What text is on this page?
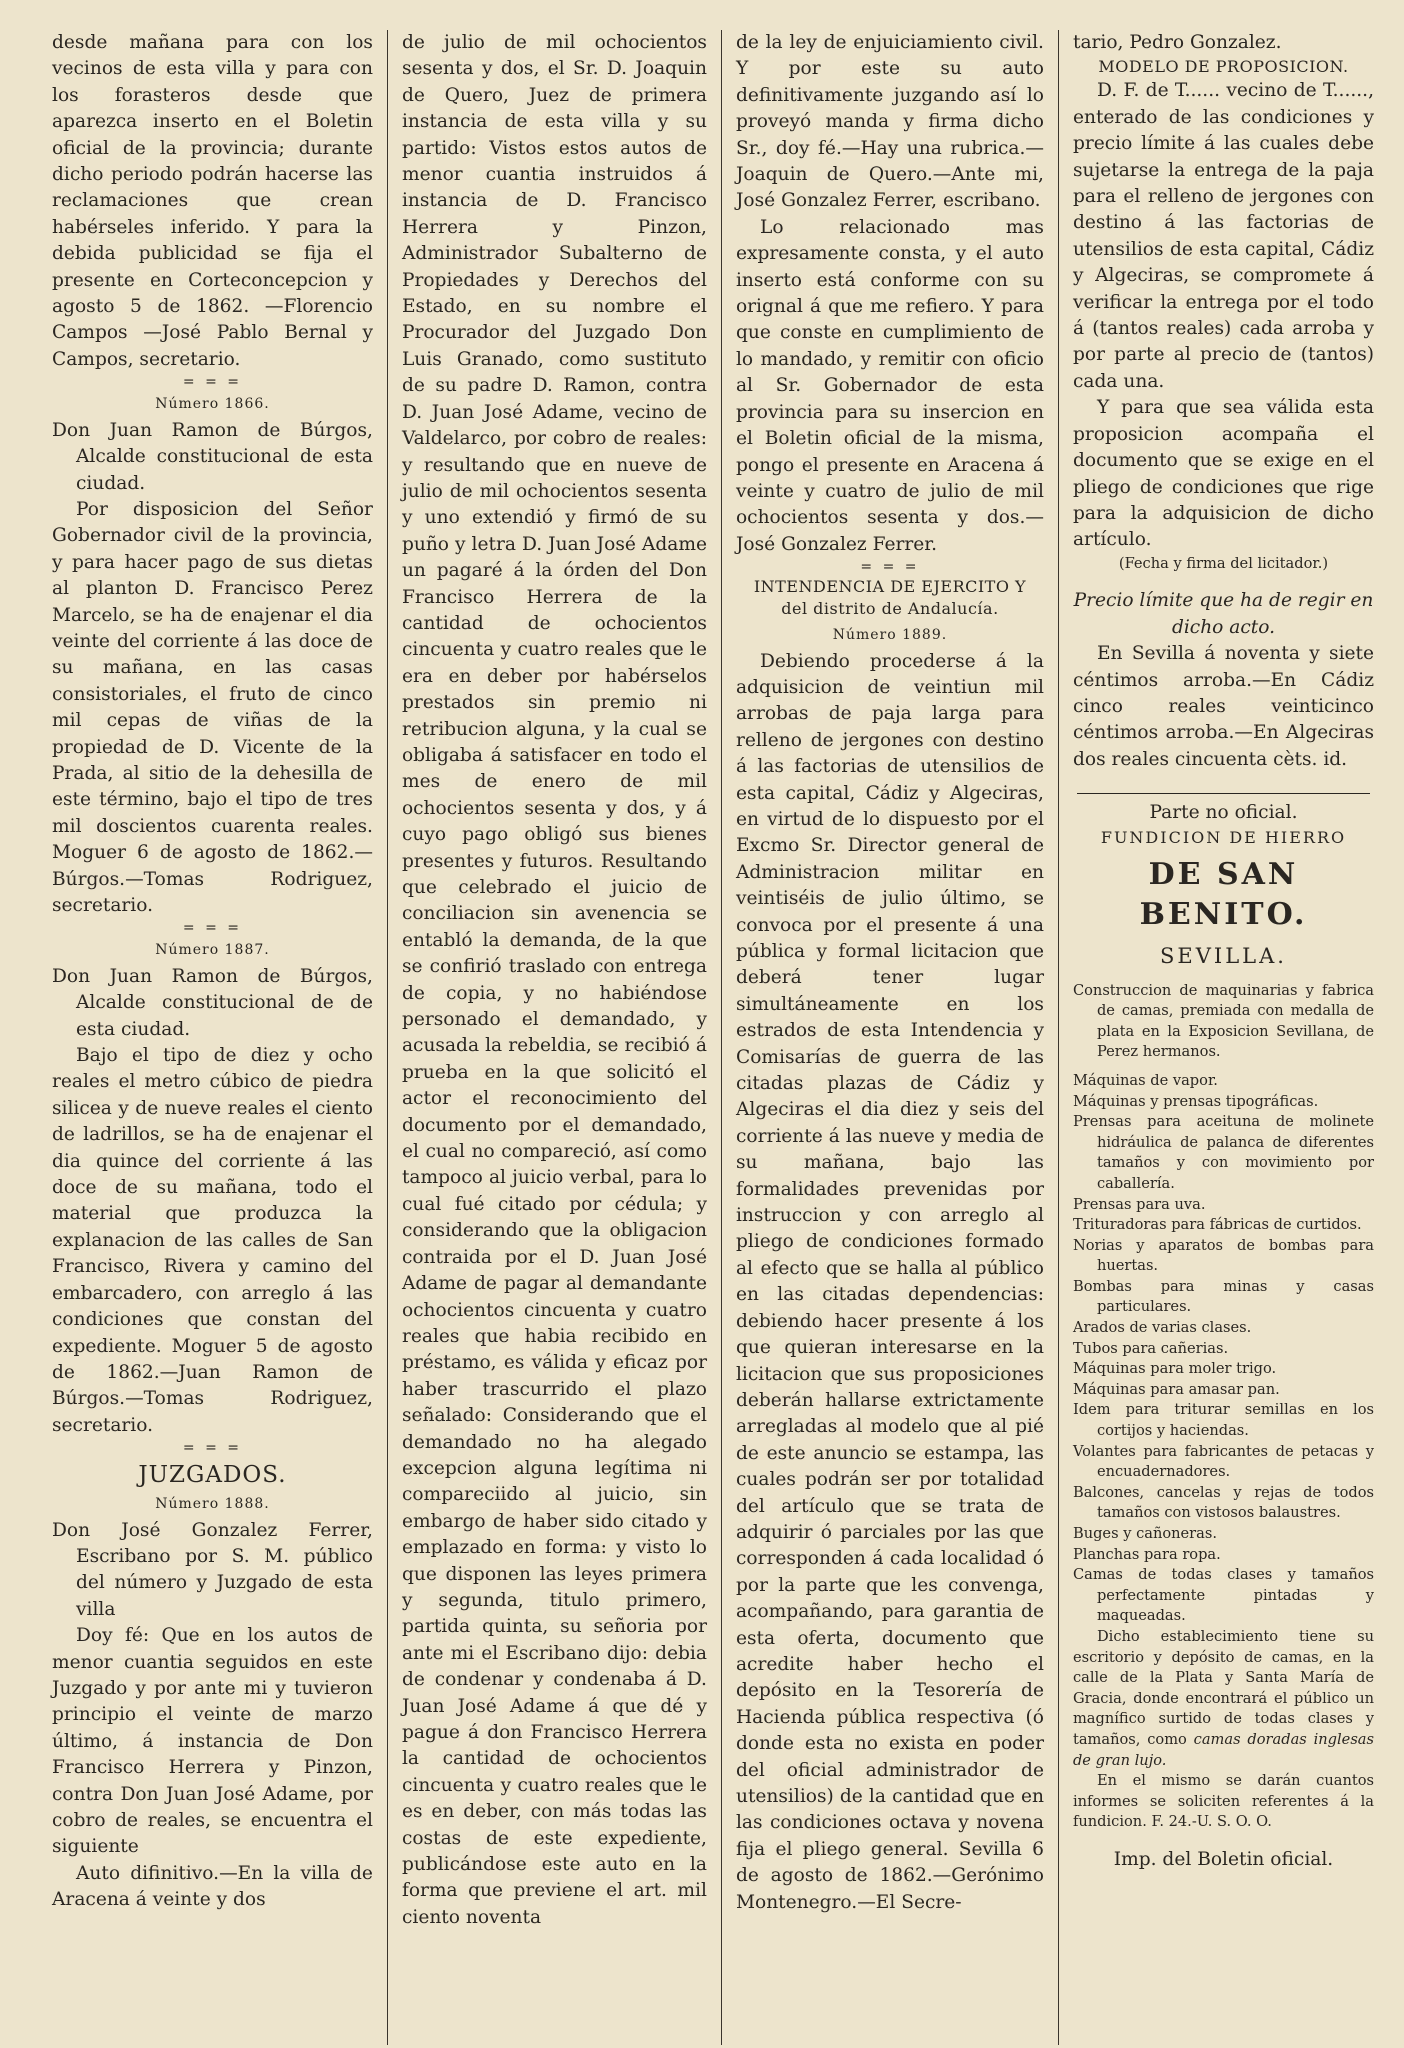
desde mañana para con los vecinos de esta villa y para con los forasteros desde que aparezca inserto en el Boletin oficial de la provincia; durante dicho periodo podrán hacerse las reclamaciones que crean habérseles inferido. Y para la debida publicidad se fija el presente en Corteconcepcion y agosto 5 de 1862. —Florencio Campos —José Pablo Bernal y Campos, secretario.

= = =
Número 1866.

Don Juan Ramon de Búrgos, Alcalde constitucional de esta ciudad.

Por disposicion del Señor Gobernador civil de la provincia, y para hacer pago de sus dietas al planton D. Francisco Perez Marcelo, se ha de enajenar el dia veinte del corriente á las doce de su mañana, en las casas consistoriales, el fruto de cinco mil cepas de viñas de la propiedad de D. Vicente de la Prada, al sitio de la dehesilla de este término, bajo el tipo de tres mil doscientos cuarenta reales. Moguer 6 de agosto de 1862.—Búrgos.—Tomas Rodriguez, secretario.

= = =
Número 1887.

Don Juan Ramon de Búrgos, Alcalde constitucional de de esta ciudad.

Bajo el tipo de diez y ocho reales el metro cúbico de piedra silicea y de nueve reales el ciento de ladrillos, se ha de enajenar el dia quince del corriente á las doce de su mañana, todo el material que produzca la explanacion de las calles de San Francisco, Rivera y camino del embarcadero, con arreglo á las condiciones que constan del expediente. Moguer 5 de agosto de 1862.—Juan Ramon de Búrgos.—Tomas Rodriguez, secretario.

= = =
JUZGADOS.
Número 1888.

Don José Gonzalez Ferrer, Escribano por S. M. público del número y Juzgado de esta villa

Doy fé: Que en los autos de menor cuantia seguidos en este Juzgado y por ante mi y tuvieron principio el veinte de marzo último, á instancia de Don Francisco Herrera y Pinzon, contra Don Juan José Adame, por cobro de reales, se encuentra el siguiente

Auto difinitivo.—En la villa de Aracena á veinte y dos

de julio de mil ochocientos sesenta y dos, el Sr. D. Joaquin de Quero, Juez de primera instancia de esta villa y su partido: Vistos estos autos de menor cuantia instruidos á instancia de D. Francisco Herrera y Pinzon, Administrador Subalterno de Propiedades y Derechos del Estado, en su nombre el Procurador del Juzgado Don Luis Granado, como sustituto de su padre D. Ramon, contra D. Juan José Adame, vecino de Valdelarco, por cobro de reales: y resultando que en nueve de julio de mil ochocientos sesenta y uno extendió y firmó de su puño y letra D. Juan José Adame un pagaré á la órden del Don Francisco Herrera de la cantidad de ochocientos cincuenta y cuatro reales que le era en deber por habérselos prestados sin premio ni retribucion alguna, y la cual se obligaba á satisfacer en todo el mes de enero de mil ochocientos sesenta y dos, y á cuyo pago obligó sus bienes presentes y futuros. Resultando que celebrado el juicio de conciliacion sin avenencia se entabló la demanda, de la que se confirió traslado con entrega de copia, y no habiéndose personado el demandado, y acusada la rebeldia, se recibió á prueba en la que solicitó el actor el reconocimiento del documento por el demandado, el cual no compareció, así como tampoco al juicio verbal, para lo cual fué citado por cédula; y considerando que la obligacion contraida por el D. Juan José Adame de pagar al demandante ochocientos cincuenta y cuatro reales que habia recibido en préstamo, es válida y eficaz por haber trascurrido el plazo señalado: Considerando que el demandado no ha alegado excepcion alguna legítima ni compareciido al juicio, sin embargo de haber sido citado y emplazado en forma: y visto lo que disponen las leyes primera y segunda, titulo primero, partida quinta, su señoria por ante mi el Escribano dijo: debia de condenar y condenaba á D. Juan José Adame á que dé y pague á don Francisco Herrera la cantidad de ochocientos cincuenta y cuatro reales que le es en deber, con más todas las costas de este expediente, publicándose este auto en la forma que previene el art. mil ciento noventa

de la ley de enjuiciamiento civil. Y por este su auto definitivamente juzgando así lo proveyó manda y firma dicho Sr., doy fé.—Hay una rubrica.—Joaquin de Quero.—Ante mi, José Gonzalez Ferrer, escribano.

Lo relacionado mas expresamente consta, y el auto inserto está conforme con su orignal á que me refiero. Y para que conste en cumplimiento de lo mandado, y remitir con oficio al Sr. Gobernador de esta provincia para su insercion en el Boletin oficial de la misma, pongo el presente en Aracena á veinte y cuatro de julio de mil ochocientos sesenta y dos.—José Gonzalez Ferrer.

= = =
INTENDENCIA DE EJERCITO Y
del distrito de Andalucía.
Número 1889.

Debiendo procederse á la adquisicion de veintiun mil arrobas de paja larga para relleno de jergones con destino á las factorias de utensilios de esta capital, Cádiz y Algeciras, en virtud de lo dispuesto por el Excmo Sr. Director general de Administracion militar en veintiséis de julio último, se convoca por el presente á una pública y formal licitacion que deberá tener lugar simultáneamente en los estrados de esta Intendencia y Comisarías de guerra de las citadas plazas de Cádiz y Algeciras el dia diez y seis del corriente á las nueve y media de su mañana, bajo las formalidades prevenidas por instruccion y con arreglo al pliego de condiciones formado al efecto que se halla al público en las citadas dependencias: debiendo hacer presente á los que quieran interesarse en la licitacion que sus proposiciones deberán hallarse extrictamente arregladas al modelo que al pié de este anuncio se estampa, las cuales podrán ser por totalidad del artículo que se trata de adquirir ó parciales por las que corresponden á cada localidad ó por la parte que les convenga, acompañando, para garantia de esta oferta, documento que acredite haber hecho el depósito en la Tesorería de Hacienda pública respectiva (ó donde esta no exista en poder del oficial administrador de utensilios) de la cantidad que en las condiciones octava y novena fija el pliego general. Sevilla 6 de agosto de 1862.—Gerónimo Montenegro.—El Secre-

tario, Pedro Gonzalez.

MODELO DE PROPOSICION.

D. F. de T...... vecino de T......, enterado de las condiciones y precio límite á las cuales debe sujetarse la entrega de la paja para el relleno de jergones con destino á las factorias de utensilios de esta capital, Cádiz y Algeciras, se compromete á verificar la entrega por el todo á (tantos reales) cada arroba y por parte al precio de (tantos) cada una.

Y para que sea válida esta proposicion acompaña el documento que se exige en el pliego de condiciones que rige para la adquisicion de dicho artículo.

(Fecha y firma del licitador.)
Precio límite que ha de regir en dicho acto.

En Sevilla á noventa y siete céntimos arroba.—En Cádiz cinco reales veinticinco céntimos arroba.—En Algeciras dos reales cincuenta cèts. id.

Parte no oficial.
FUNDICION DE HIERRO
DE SAN BENITO.
SEVILLA.

Construccion de maquinarias y fabrica de camas, premiada con medalla de plata en la Exposicion Sevillana, de Perez hermanos.

Máquinas de vapor.

Máquinas y prensas tipográficas.

Prensas para aceituna de molinete hidráulica de palanca de diferentes tamaños y con movimiento por caballería.

Prensas para uva.

Trituradoras para fábricas de curtidos.

Norias y aparatos de bombas para huertas.

Bombas para minas y casas particulares.

Arados de varias clases.

Tubos para cañerias.

Máquinas para moler trigo.

Máquinas para amasar pan.

Idem para triturar semillas en los cortijos y haciendas.

Volantes para fabricantes de petacas y encuadernadores.

Balcones, cancelas y rejas de todos tamaños con vistosos balaustres.

Buges y cañoneras.

Planchas para ropa.

Camas de todas clases y tamaños perfectamente pintadas y maqueadas.

Dicho establecimiento tiene su escritorio y depósito de camas, en la calle de la Plata y Santa María de Gracia, donde encontrará el público un magnífico surtido de todas clases y tamaños, como camas doradas inglesas de gran lujo.

En el mismo se darán cuantos informes se soliciten referentes á la fundicion. F. 24.-U. S. O. O.

Imp. del Boletin oficial.
